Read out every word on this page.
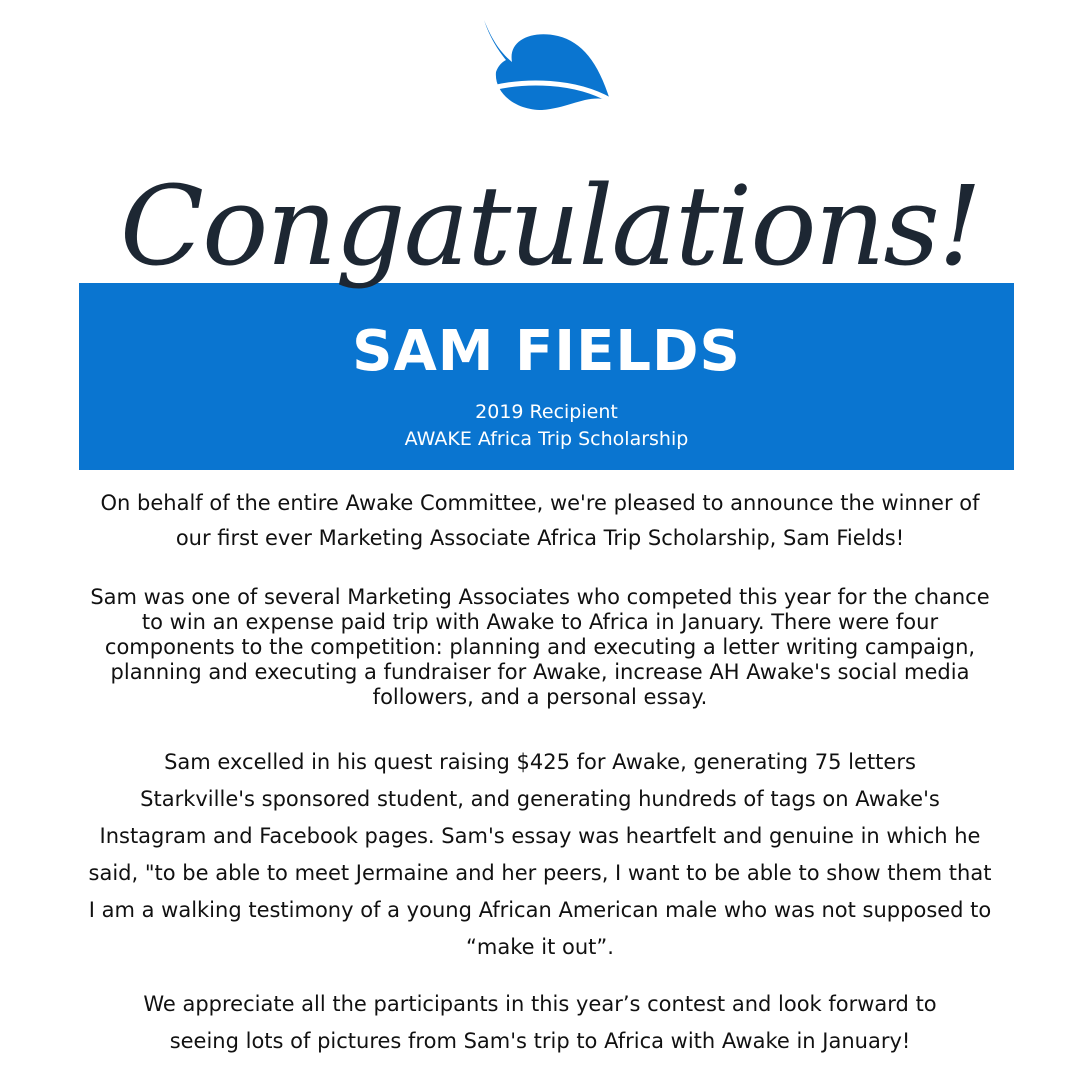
Congatulations!
SAM FIELDS
2019 Recipient
AWAKE Africa Trip Scholarship
On behalf of the entire Awake Committee, we're pleased to announce the winner of
our first ever Marketing Associate Africa Trip Scholarship, Sam Fields!
Sam was one of several Marketing Associates who competed this year for the chance
to win an expense paid trip with Awake to Africa in January. There were four
components to the competition: planning and executing a letter writing campaign,
planning and executing a fundraiser for Awake, increase AH Awake's social media
followers, and a personal essay.
Sam excelled in his quest raising $425 for Awake, generating 75 letters
Starkville's sponsored student, and generating hundreds of tags on Awake's
Instagram and Facebook pages. Sam's essay was heartfelt and genuine in which he
said, "to be able to meet Jermaine and her peers, I want to be able to show them that
I am a walking testimony of a young African American male who was not supposed to
“make it out”.
We appreciate all the participants in this year’s contest and look forward to
seeing lots of pictures from Sam's trip to Africa with Awake in January!
